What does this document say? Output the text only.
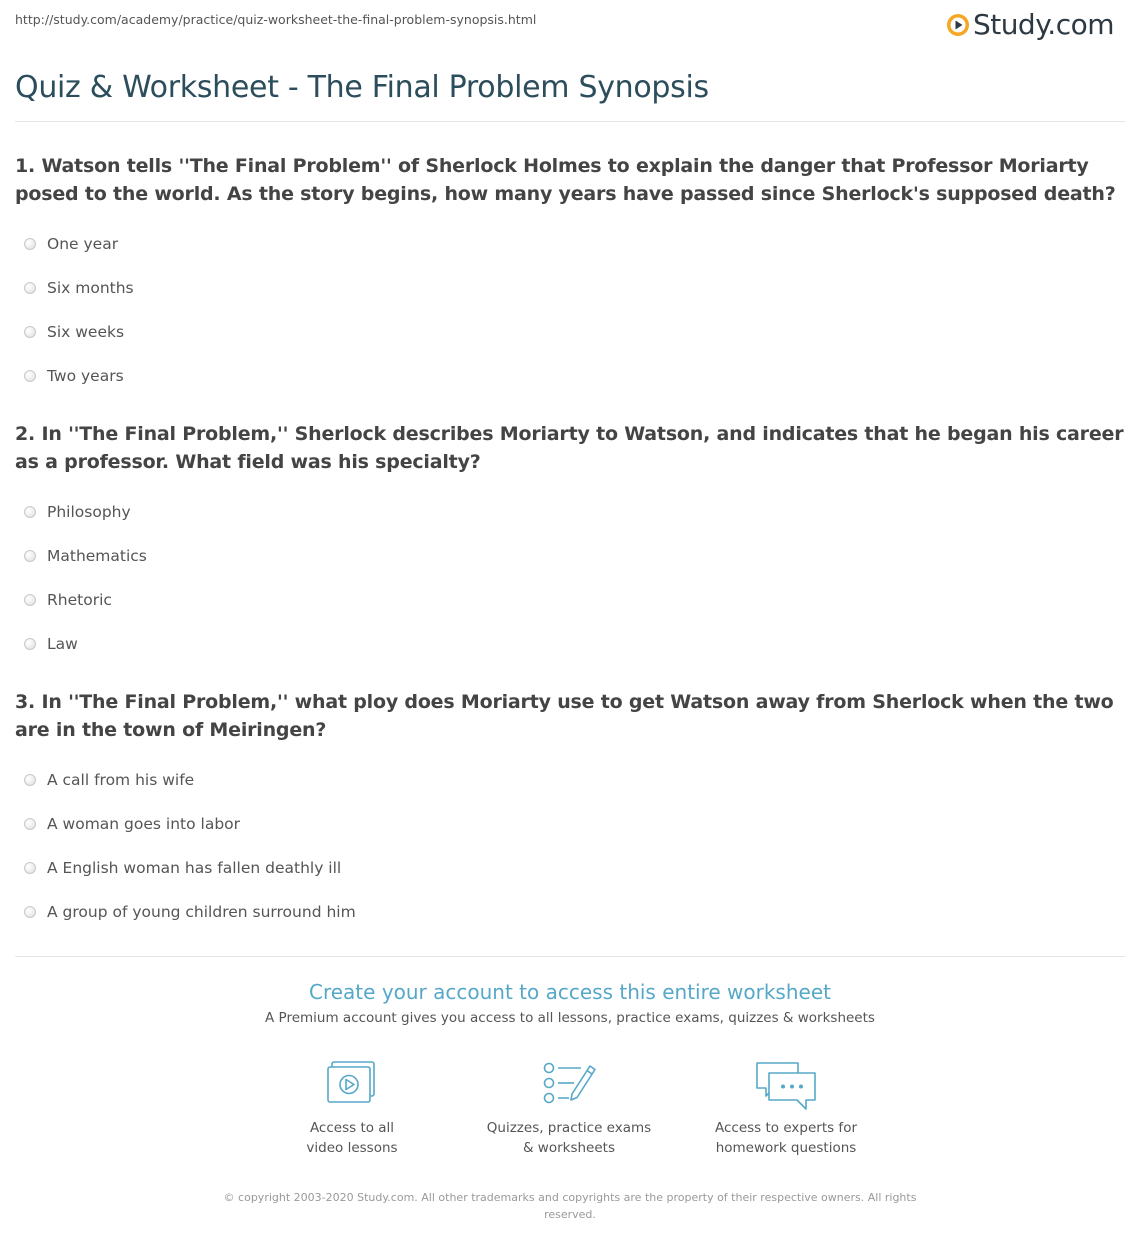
http://study.com/academy/practice/quiz-worksheet-the-final-problem-synopsis.html	Study.com
Quiz & Worksheet - The Final Problem Synopsis
1. Watson tells ''The Final Problem'' of Sherlock Holmes to explain the danger that Professor Moriarty posed to the world. As the story begins, how many years have passed since Sherlock's supposed death?
One year
Six months
Six weeks
Two years
2. In ''The Final Problem,'' Sherlock describes Moriarty to Watson, and indicates that he began his career as a professor. What field was his specialty?
Philosophy
Mathematics
Rhetoric
Law
3. In ''The Final Problem,'' what ploy does Moriarty use to get Watson away from Sherlock when the two are in the town of Meiringen?
A call from his wife
A woman goes into labor
A English woman has fallen deathly ill
A group of young children surround him
Create your account to access this entire worksheet
A Premium account gives you access to all lessons, practice exams, quizzes & worksheets
Access to all
video lessons
Quizzes, practice exams
& worksheets
Access to experts for
homework questions
© copyright 2003-2020 Study.com. All other trademarks and copyrights are the property of their respective owners. All rights reserved.
